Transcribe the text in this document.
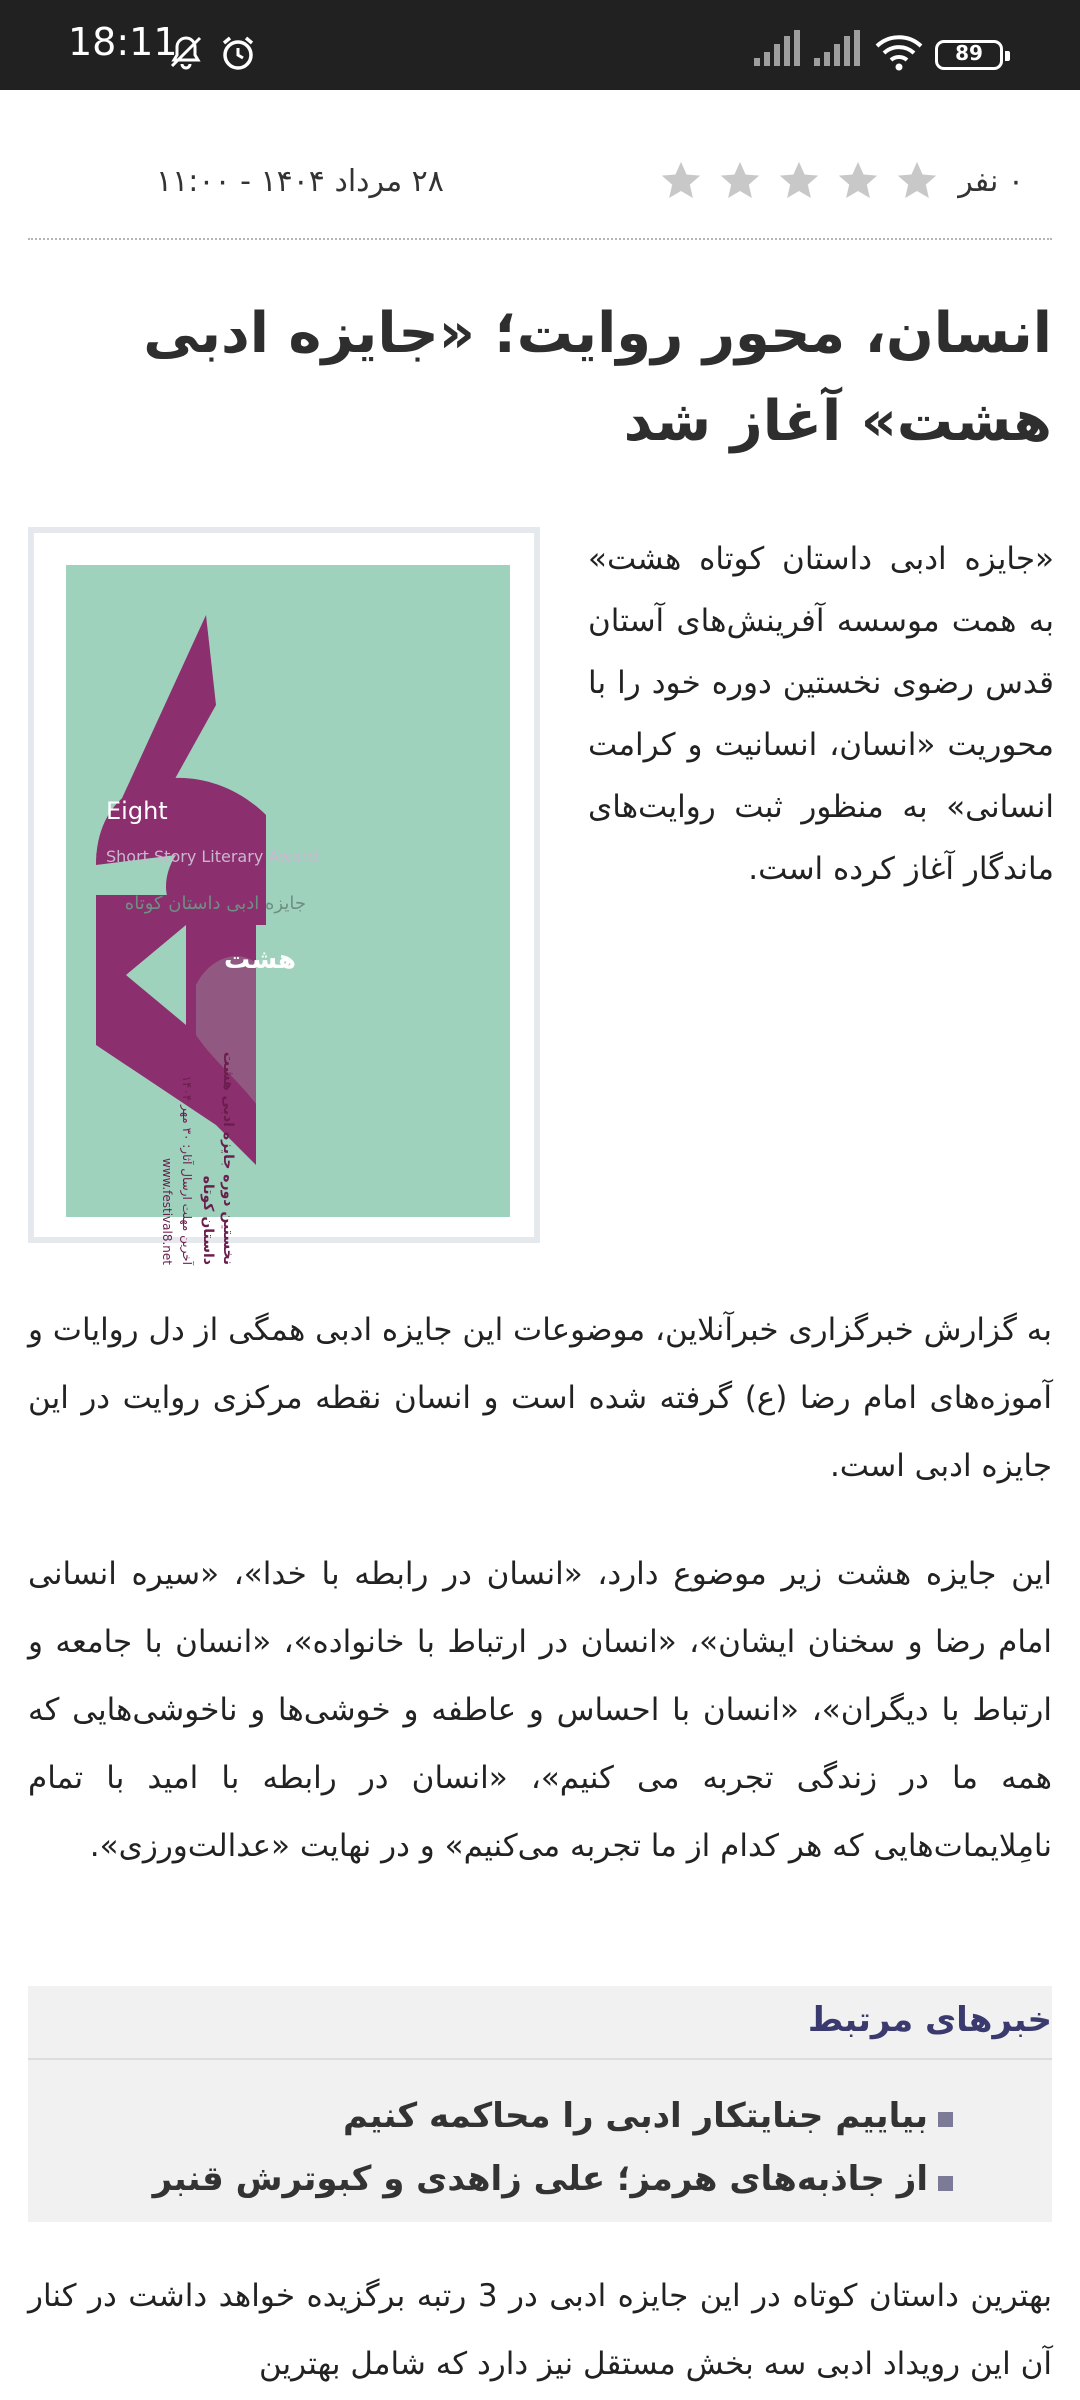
18:11	89
۰ نفر

۲۸ مرداد ۱۴۰۴ - ۱۱:۰۰
انسان، محور روایت؛ «جایزه ادبی هشت» آغاز شد
Eight
Short Story Literary Award
جایزه ادبی داستان کوتاه
هشت
نخستین دوره جایزه ادبی هشت
داستان کوتاه
آخرین مهلت ارسال آثار: ۳۰ مهر ۱۴۰۴
www.festival8.net

«جایزه ادبی داستان کوتاه هشت» به همت موسسه آفرینش‌های آستان قدس رضوی نخستین دوره خود را با محوریت «انسان، انسانیت و کرامت انسانی» به منظور ثبت روایت‌های ماندگار آغاز کرده است.

به گزارش خبرگزاری خبرآنلاین، موضوعات این جایزه ادبی همگی از دل روایات و آموزه‌های امام رضا (ع) گرفته شده است و انسان نقطه مرکزی روایت در این جایزه ادبی است.

این جایزه هشت زیر موضوع دارد، «انسان در رابطه با خدا»، «سیره انسانی امام رضا و سخنان ایشان»، «انسان در ارتباط با خانواده»، «انسان با جامعه و ارتباط با دیگران»، «انسان با احساس و عاطفه و خوشی‌ها و ناخوشی‌هایی که همه ما در زندگی تجربه می کنیم»، «انسان در رابطه با امید با تمام نامِلایمات‌هایی که هر کدام از ما تجربه می‌کنیم» و در نهایت «عدالت‌ورزی».

خبرهای مرتبط
بیاییم جنایتکار ادبی را محاکمه کنیم
از جاذبه‌های هرمز؛ علی زاهدی و کبوترش قنبر

بهترین داستان کوتاه در این جایزه ادبی در 3 رتبه برگزیده خواهد داشت در کنار آن این رویداد ادبی سه بخش مستقل نیز دارد که شامل بهترین
